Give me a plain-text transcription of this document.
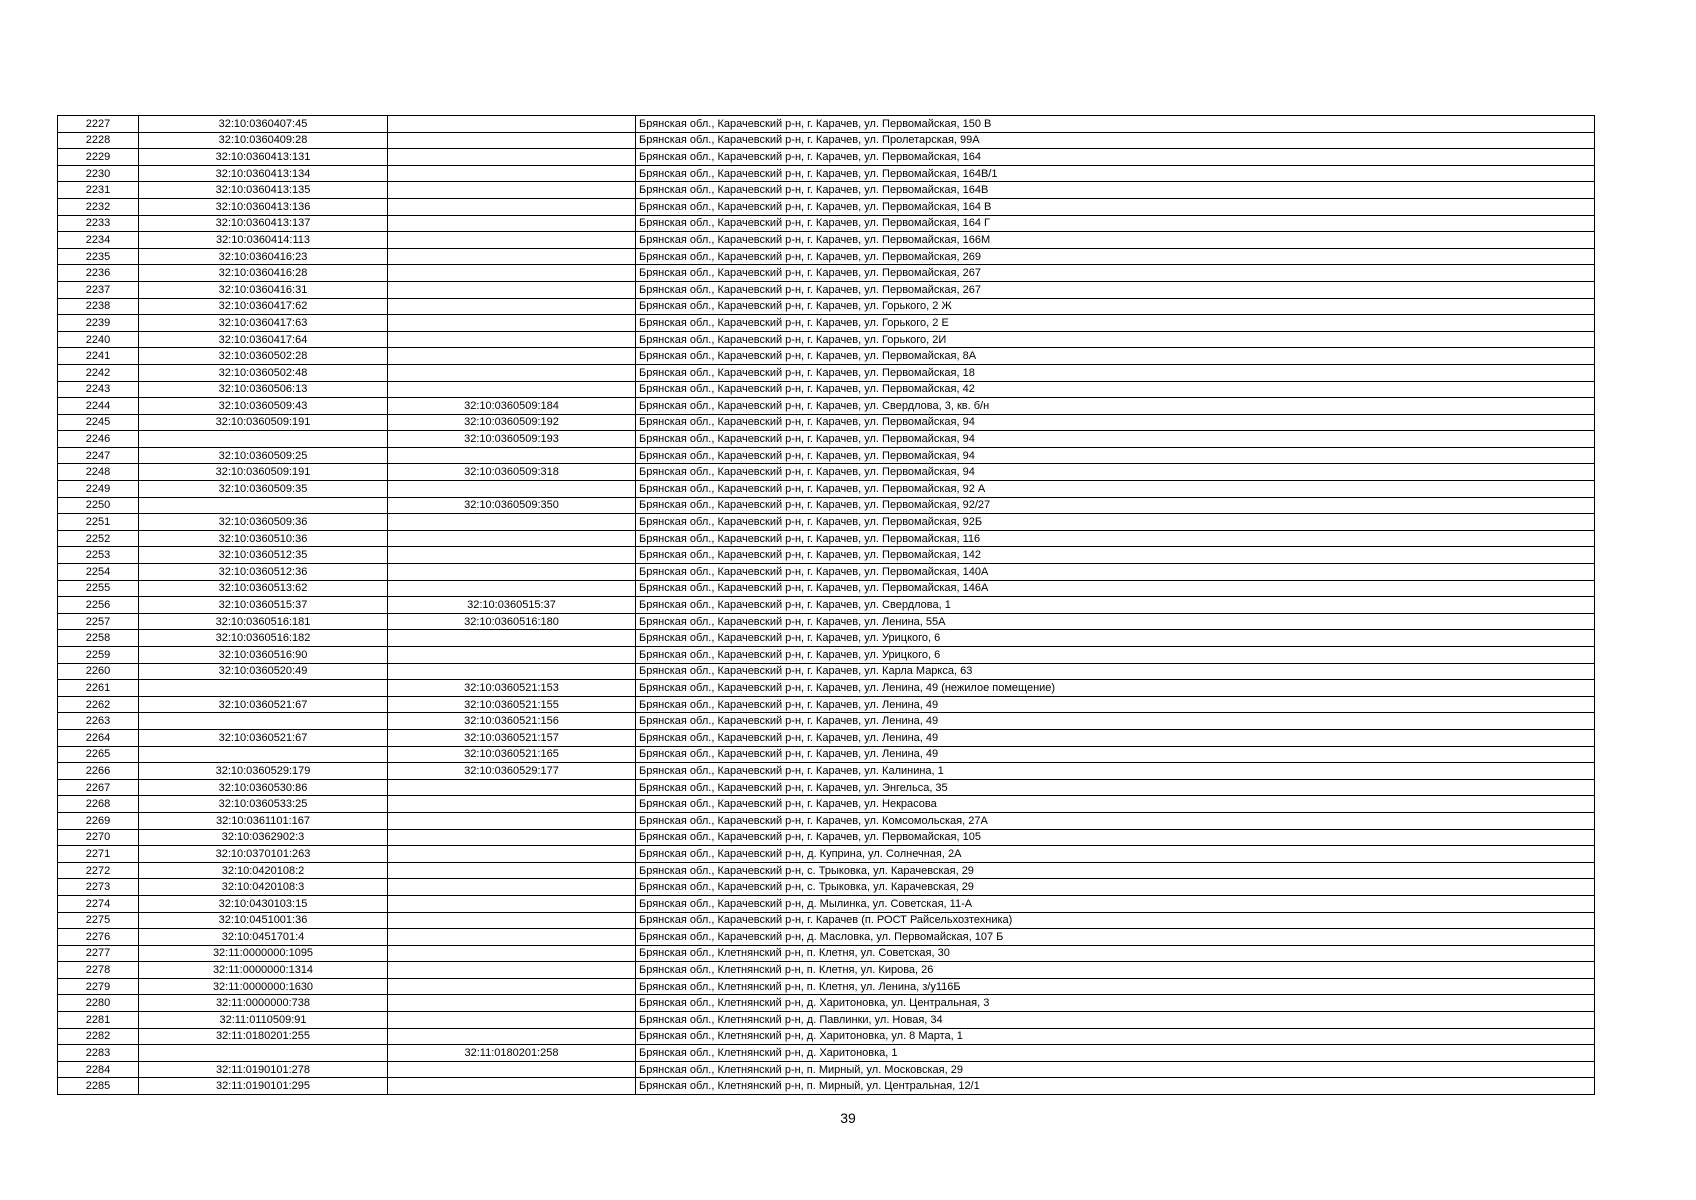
2227	32:10:0360407:45		Брянская обл., Карачевский р-н, г. Карачев, ул. Первомайская, 150 В
2228	32:10:0360409:28		Брянская обл., Карачевский р-н, г. Карачев, ул. Пролетарская, 99А
2229	32:10:0360413:131		Брянская обл., Карачевский р-н, г. Карачев, ул. Первомайская, 164
2230	32:10:0360413:134		Брянская обл., Карачевский р-н, г. Карачев, ул. Первомайская, 164В/1
2231	32:10:0360413:135		Брянская обл., Карачевский р-н, г. Карачев, ул. Первомайская, 164В
2232	32:10:0360413:136		Брянская обл., Карачевский р-н, г. Карачев, ул. Первомайская, 164 В
2233	32:10:0360413:137		Брянская обл., Карачевский р-н, г. Карачев, ул. Первомайская, 164 Г
2234	32:10:0360414:113		Брянская обл., Карачевский р-н, г. Карачев, ул. Первомайская, 166М
2235	32:10:0360416:23		Брянская обл., Карачевский р-н, г. Карачев, ул. Первомайская, 269
2236	32:10:0360416:28		Брянская обл., Карачевский р-н, г. Карачев, ул. Первомайская, 267
2237	32:10:0360416:31		Брянская обл., Карачевский р-н, г. Карачев, ул. Первомайская, 267
2238	32:10:0360417:62		Брянская обл., Карачевский р-н, г. Карачев, ул. Горького, 2 Ж
2239	32:10:0360417:63		Брянская обл., Карачевский р-н, г. Карачев, ул. Горького, 2 Е
2240	32:10:0360417:64		Брянская обл., Карачевский р-н, г. Карачев, ул. Горького, 2И
2241	32:10:0360502:28		Брянская обл., Карачевский р-н, г. Карачев, ул. Первомайская, 8А
2242	32:10:0360502:48		Брянская обл., Карачевский р-н, г. Карачев, ул. Первомайская, 18
2243	32:10:0360506:13		Брянская обл., Карачевский р-н, г. Карачев, ул. Первомайская, 42
2244	32:10:0360509:43	32:10:0360509:184	Брянская обл., Карачевский р-н, г. Карачев, ул. Свердлова, 3, кв. б/н
2245	32:10:0360509:191	32:10:0360509:192	Брянская обл., Карачевский р-н, г. Карачев, ул. Первомайская, 94
2246		32:10:0360509:193	Брянская обл., Карачевский р-н, г. Карачев, ул. Первомайская, 94
2247	32:10:0360509:25		Брянская обл., Карачевский р-н, г. Карачев, ул. Первомайская, 94
2248	32:10:0360509:191	32:10:0360509:318	Брянская обл., Карачевский р-н, г. Карачев, ул. Первомайская, 94
2249	32:10:0360509:35		Брянская обл., Карачевский р-н, г. Карачев, ул. Первомайская, 92 А
2250		32:10:0360509:350	Брянская обл., Карачевский р-н, г. Карачев, ул. Первомайская, 92/27
2251	32:10:0360509:36		Брянская обл., Карачевский р-н, г. Карачев, ул. Первомайская, 92Б
2252	32:10:0360510:36		Брянская обл., Карачевский р-н, г. Карачев, ул. Первомайская, 116
2253	32:10:0360512:35		Брянская обл., Карачевский р-н, г. Карачев, ул. Первомайская, 142
2254	32:10:0360512:36		Брянская обл., Карачевский р-н, г. Карачев, ул. Первомайская, 140А
2255	32:10:0360513:62		Брянская обл., Карачевский р-н, г. Карачев, ул. Первомайская, 146А
2256	32:10:0360515:37	32:10:0360515:37	Брянская обл., Карачевский р-н, г. Карачев, ул. Свердлова, 1
2257	32:10:0360516:181	32:10:0360516:180	Брянская обл., Карачевский р-н, г. Карачев, ул. Ленина, 55А
2258	32:10:0360516:182		Брянская обл., Карачевский р-н, г. Карачев, ул. Урицкого, 6
2259	32:10:0360516:90		Брянская обл., Карачевский р-н, г. Карачев, ул. Урицкого, 6
2260	32:10:0360520:49		Брянская обл., Карачевский р-н, г. Карачев, ул. Карла Маркса, 63
2261		32:10:0360521:153	Брянская обл., Карачевский р-н, г. Карачев, ул. Ленина, 49 (нежилое помещение)
2262	32:10:0360521:67	32:10:0360521:155	Брянская обл., Карачевский р-н, г. Карачев, ул. Ленина, 49
2263		32:10:0360521:156	Брянская обл., Карачевский р-н, г. Карачев, ул. Ленина, 49
2264	32:10:0360521:67	32:10:0360521:157	Брянская обл., Карачевский р-н, г. Карачев, ул. Ленина, 49
2265		32:10:0360521:165	Брянская обл., Карачевский р-н, г. Карачев, ул. Ленина, 49
2266	32:10:0360529:179	32:10:0360529:177	Брянская обл., Карачевский р-н, г. Карачев, ул. Калинина, 1
2267	32:10:0360530:86		Брянская обл., Карачевский р-н, г. Карачев, ул. Энгельса, 35
2268	32:10:0360533:25		Брянская обл., Карачевский р-н, г. Карачев, ул. Некрасова
2269	32:10:0361101:167		Брянская обл., Карачевский р-н, г. Карачев, ул. Комсомольская, 27А
2270	32:10:0362902:3		Брянская обл., Карачевский р-н, г. Карачев, ул. Первомайская, 105
2271	32:10:0370101:263		Брянская обл., Карачевский р-н, д. Куприна, ул. Солнечная, 2А
2272	32:10:0420108:2		Брянская обл., Карачевский р-н, с. Трыковка, ул. Карачевская, 29
2273	32:10:0420108:3		Брянская обл., Карачевский р-н, с. Трыковка, ул. Карачевская, 29
2274	32:10:0430103:15		Брянская обл., Карачевский р-н, д. Мылинка, ул. Советская, 11-А
2275	32:10:0451001:36		Брянская обл., Карачевский р-н, г. Карачев (п. РОСТ Райсельхозтехника)
2276	32:10:0451701:4		Брянская обл., Карачевский р-н, д. Масловка, ул. Первомайская, 107 Б
2277	32:11:0000000:1095		Брянская обл., Клетнянский р-н, п. Клетня, ул. Советская, 30
2278	32:11:0000000:1314		Брянская обл., Клетнянский р-н, п. Клетня, ул. Кирова, 26
2279	32:11:0000000:1630		Брянская обл., Клетнянский р-н, п. Клетня, ул. Ленина, з/у116Б
2280	32:11:0000000:738		Брянская обл., Клетнянский р-н, д. Харитоновка, ул. Центральная, 3
2281	32:11:0110509:91		Брянская обл., Клетнянский р-н, д. Павлинки, ул. Новая, 34
2282	32:11:0180201:255		Брянская обл., Клетнянский р-н, д. Харитоновка, ул. 8 Марта, 1
2283		32:11:0180201:258	Брянская обл., Клетнянский р-н, д. Харитоновка, 1
2284	32:11:0190101:278		Брянская обл., Клетнянский р-н, п. Мирный, ул. Московская, 29
2285	32:11:0190101:295		Брянская обл., Клетнянский р-н, п. Мирный, ул. Центральная, 12/1
39
